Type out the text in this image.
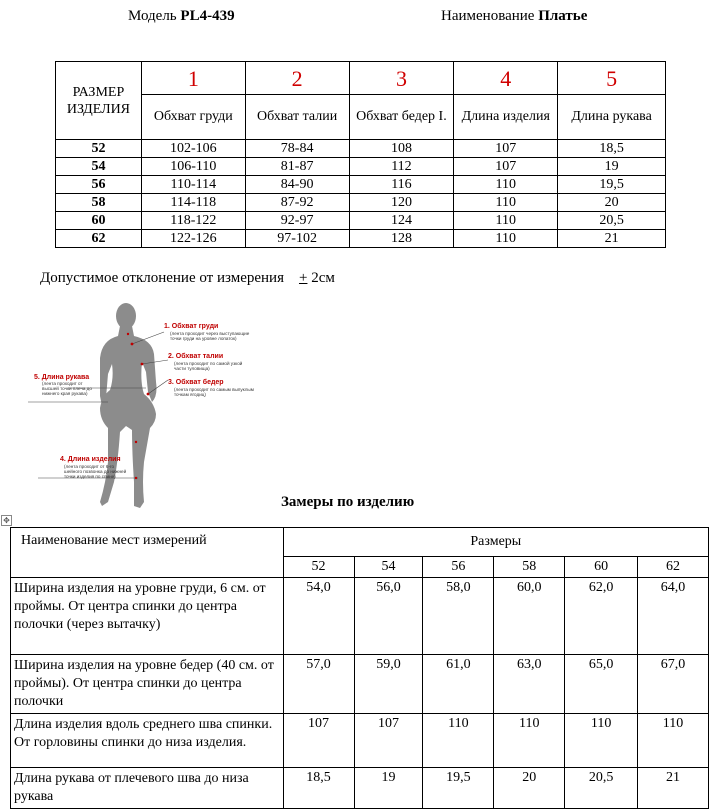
Модель PL4-439	Наименование Платье
РАЗМЕР ИЗДЕЛИЯ	1	2	3	4	5
	Обхват груди	Обхват талии	Обхват бедер I.	Длина изделия	Длина рукава
52	102-106	78-84	108	107	18,5
54	106-110	81-87	112	107	19
56	110-114	84-90	116	110	19,5
58	114-118	87-92	120	110	20
60	118-122	92-97	124	110	20,5
62	122-126	97-102	128	110	21
Допустимое отклонение от измерения + 2см
1. Обхват груди
(лента проходит через выступающие
точки груди на уровне лопаток)
2. Обхват талии
(лента проходит по самой узкой
части туловища)
3. Обхват бедер
(лента проходит по самым выпуклым
точкам ягодиц)
5. Длина рукава
(лента проходит от
высшей точки плеча до
нижнего края рукава)
4. Длина изделия
(лента проходит от 6-го
шейного позвонка до нижней
точки изделия по спине)
Замеры по изделию
✥
Наименование мест измерений	Размеры					
	52	54	56	58	60	62
Ширина изделия на уровне груди, 6 см. от проймы. От центра спинки до центра полочки (через вытачку)	54,0	56,0	58,0	60,0	62,0	64,0
Ширина изделия на уровне бедер (40 см. от проймы). От центра спинки до центра полочки	57,0	59,0	61,0	63,0	65,0	67,0
Длина изделия вдоль среднего шва спинки. От горловины спинки до низа изделия.	107	107	110	110	110	110
Длина рукава от плечевого шва до низа рукава	18,5	19	19,5	20	20,5	21
